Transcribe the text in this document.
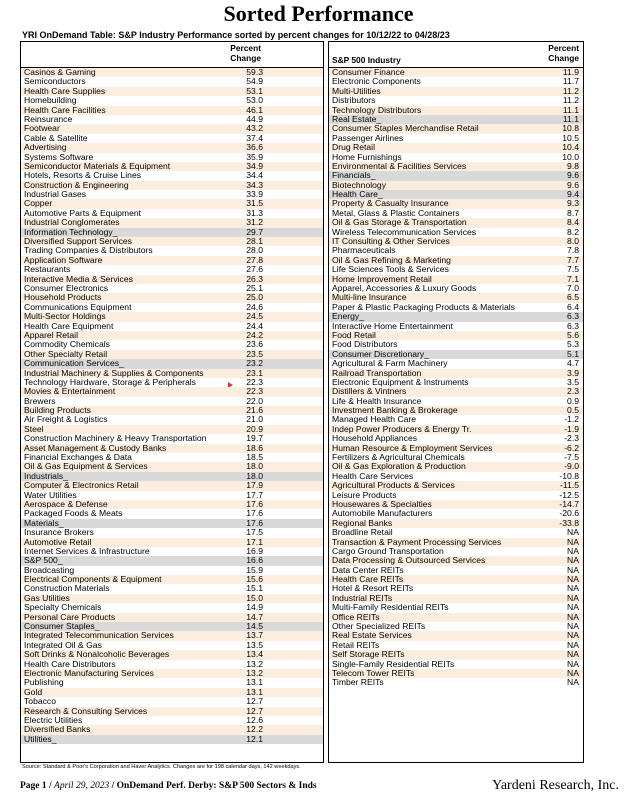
Sorted Performance
YRI OnDemand Table: S&P Industry Performance sorted by percent changes for 10/12/22 to 04/28/23
Percent
Change
Casinos & Gaming	59.3
Semiconductors	54.9
Health Care Supplies	53.1
Homebuilding	53.0
Health Care Facilities	46.1
Reinsurance	44.9
Footwear	43.2
Cable & Satellite	37.4
Advertising	36.6
Systems Software	35.9
Semiconductor Materials & Equipment	34.9
Hotels, Resorts & Cruise Lines	34.4
Construction & Engineering	34.3
Industrial Gases	33.9
Copper	31.5
Automotive Parts & Equipment	31.3
Industrial Conglomerates	31.2
Information Technology_	29.7
Diversified Support Services	28.1
Trading Companies & Distributors	28.0
Application Software	27.8
Restaurants	27.6
Interactive Media & Services	26.3
Consumer Electronics	25.1
Household Products	25.0
Communications Equipment	24.6
Multi-Sector Holdings	24.5
Health Care Equipment	24.4
Apparel Retail	24.2
Commodity Chemicals	23.6
Other Specialty Retail	23.5
Communication Services_	23.2
Industrial Machinery & Supplies & Components	23.1
Technology Hardware, Storage & Peripherals	22.3
Movies & Entertainment	22.3
Brewers	22.0
Building Products	21.6
Air Freight & Logistics	21.0
Steel	20.9
Construction Machinery & Heavy Transportation	19.7
Asset Management & Custody Banks	18.6
Financial Exchanges & Data	18.5
Oil & Gas Equipment & Services	18.0
Industrials_	18.0
Computer & Electronics Retail	17.9
Water Utilities	17.7
Aerospace & Defense	17.6
Packaged Foods & Meats	17.6
Materials_	17.6
Insurance Brokers	17.5
Automotive Retail	17.1
Internet Services & Infrastructure	16.9
S&P 500_	16.6
Broadcasting	15.9
Electrical Components & Equipment	15.6
Construction Materials	15.1
Gas Utilities	15.0
Specialty Chemicals	14.9
Personal Care Products	14.7
Consumer Staples_	14.5
Integrated Telecommunication Services	13.7
Integrated Oil & Gas	13.5
Soft Drinks & Nonalcoholic Beverages	13.4
Health Care Distributors	13.2
Electronic Manufacturing Services	13.2
Publishing	13.1
Gold	13.1
Tobacco	12.7
Research & Consulting Services	12.7
Electric Utilities	12.6
Diversified Banks	12.2
Utilities_	12.1
S&P 500 Industry
Percent
Change
Consumer Finance	11.9
Electronic Components	11.7
Multi-Utilities	11.2
Distributors	11.2
Technology Distributors	11.1
Real Estate_	11.1
Consumer Staples Merchandise Retail	10.8
Passenger Airlines	10.5
Drug Retail	10.4
Home Furnishings	10.0
Environmental & Facilities Services	9.8
Financials_	9.6
Biotechnology	9.6
Health Care_	9.4
Property & Casualty Insurance	9.3
Metal, Glass & Plastic Containers	8.7
Oil & Gas Storage & Transportation	8.4
Wireless Telecommunication Services	8.2
IT Consulting & Other Services	8.0
Pharmaceuticals	7.8
Oil & Gas Refining & Marketing	7.7
Life Sciences Tools & Services	7.5
Home Improvement Retail	7.1
Apparel, Accessories & Luxury Goods	7.0
Multi-line Insurance	6.5
Paper & Plastic Packaging Products & Materials	6.4
Energy_	6.3
Interactive Home Entertainment	6.3
Food Retail	5.6
Food Distributors	5.3
Consumer Discretionary_	5.1
Agricultural & Farm Machinery	4.7
Railroad Transportation	3.9
Electronic Equipment & Instruments	3.5
Distillers & Vintners	2.3
Life & Health Insurance	0.9
Investment Banking & Brokerage	0.5
Managed Health Care	-1.2
Indep Power Producers & Energy Tr.	-1.9
Household Appliances	-2.3
Human Resource & Employment Services	-6.2
Fertilizers & Agricultural Chemicals	-7.5
Oil & Gas Exploration & Production	-9.0
Health Care Services	-10.8
Agricultural Products & Services	-11.5
Leisure Products	-12.5
Housewares & Specialties	-14.7
Automobile Manufacturers	-20.6
Regional Banks	-33.8
Broadline Retail	NA
Transaction & Payment Processing Services	NA
Cargo Ground Transportation	NA
Data Processing & Outsourced Services	NA
Data Center REITs	NA
Health Care REITs	NA
Hotel & Resort REITs	NA
Industrial REITs	NA
Multi-Family Residential REITs	NA
Office REITs	NA
Other Specialized REITs	NA
Real Estate Services	NA
Retail REITs	NA
Self Storage REITs	NA
Single-Family Residential REITs	NA
Telecom Tower REITs	NA
Timber REITs	NA
Source: Standard & Poor's Corporation and Haver Analytics. Changes are for 198 calendar days, 142 weekdays.
Page 1 / April 29, 2023 / OnDemand Perf. Derby: S&P 500 Sectors & Inds	Yardeni Research, Inc.
